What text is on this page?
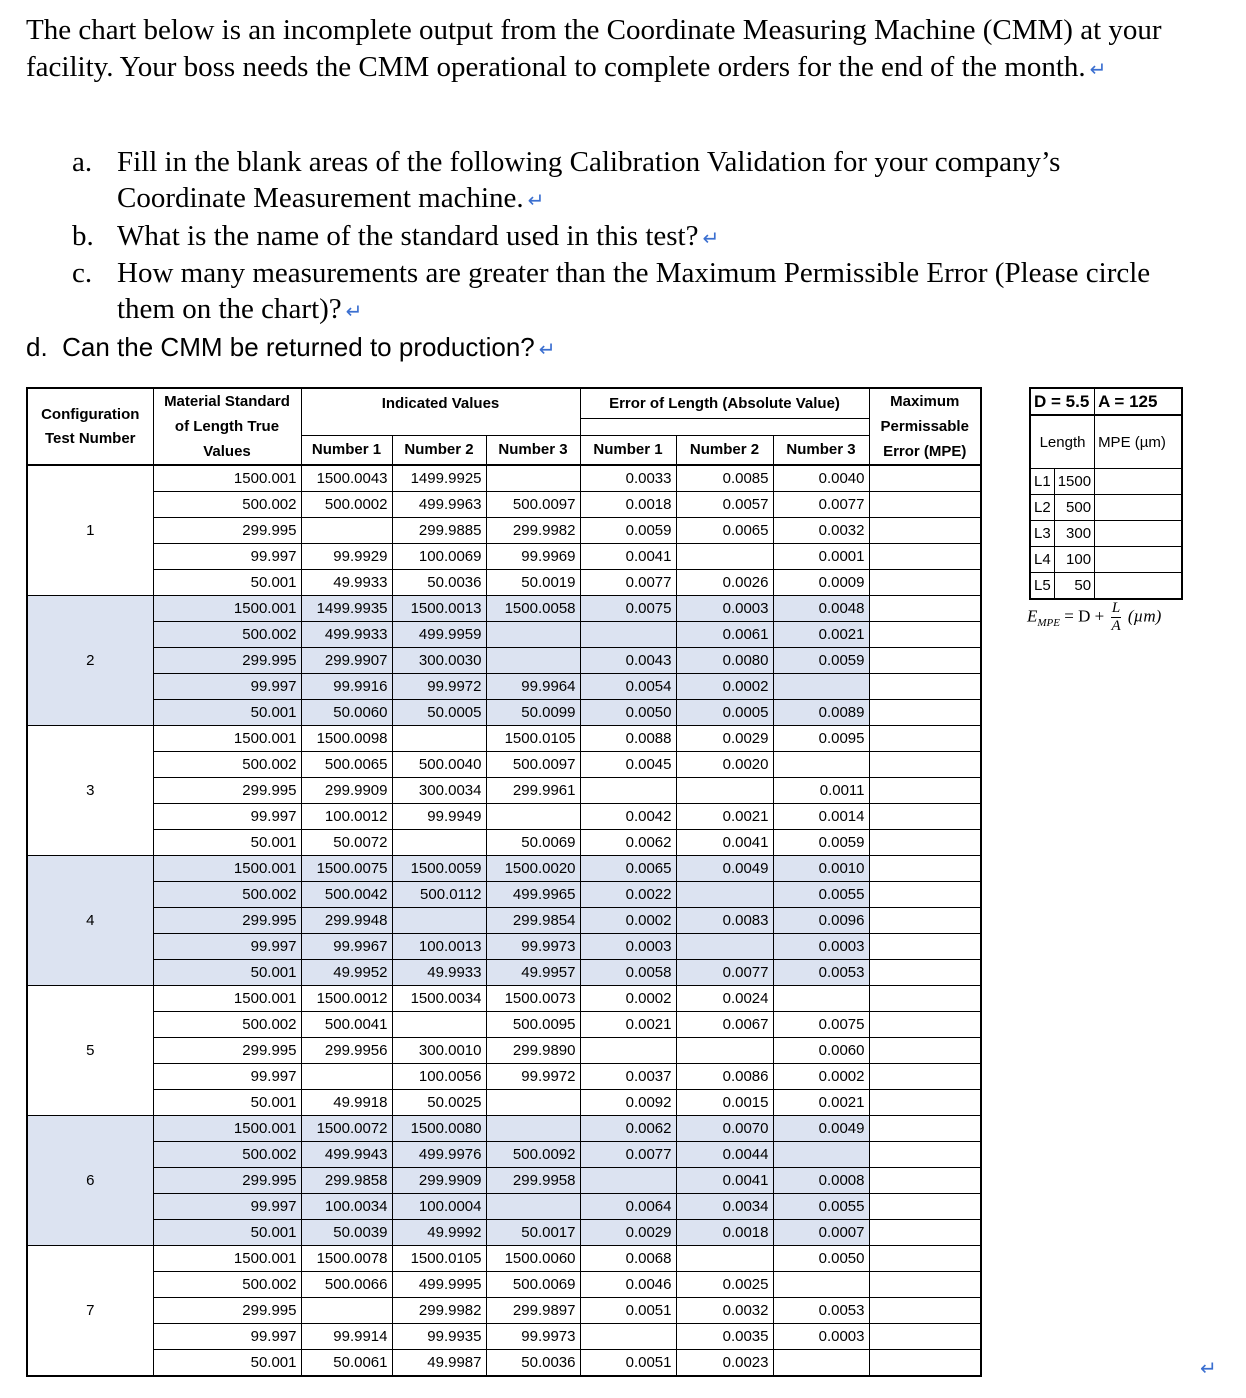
The chart below is an incomplete output from the Coordinate Measuring Machine (CMM) at your facility. Your boss needs the CMM operational to complete orders for the end of the month. ↵
a. Fill in the blank areas of the following Calibration Validation for your company’s
Coordinate Measurement machine. ↵
b. What is the name of the standard used in this test? ↵
c. How many measurements are greater than the Maximum Permissible Error (Please circle
them on the chart)? ↵
d. Can the CMM be returned to production? ↵
Configuration Test Number	Material Standard of Length True Values	Indicated Values			Error of Length (Absolute Value)			Maximum Permissable Error (MPE)

		Number 1	Number 2	Number 3	Number 1	Number 2	Number 3	
1	1500.001	1500.0043	1499.9925		0.0033	0.0085	0.0040	
	500.002	500.0002	499.9963	500.0097	0.0018	0.0057	0.0077	
	299.995		299.9885	299.9982	0.0059	0.0065	0.0032	
	99.997	99.9929	100.0069	99.9969	0.0041		0.0001	
	50.001	49.9933	50.0036	50.0019	0.0077	0.0026	0.0009	
2	1500.001	1499.9935	1500.0013	1500.0058	0.0075	0.0003	0.0048	
	500.002	499.9933	499.9959			0.0061	0.0021	
	299.995	299.9907	300.0030		0.0043	0.0080	0.0059	
	99.997	99.9916	99.9972	99.9964	0.0054	0.0002		
	50.001	50.0060	50.0005	50.0099	0.0050	0.0005	0.0089	
3	1500.001	1500.0098		1500.0105	0.0088	0.0029	0.0095	
	500.002	500.0065	500.0040	500.0097	0.0045	0.0020		
	299.995	299.9909	300.0034	299.9961			0.0011	
	99.997	100.0012	99.9949		0.0042	0.0021	0.0014	
	50.001	50.0072		50.0069	0.0062	0.0041	0.0059	
4	1500.001	1500.0075	1500.0059	1500.0020	0.0065	0.0049	0.0010	
	500.002	500.0042	500.0112	499.9965	0.0022		0.0055	
	299.995	299.9948		299.9854	0.0002	0.0083	0.0096	
	99.997	99.9967	100.0013	99.9973	0.0003		0.0003	
	50.001	49.9952	49.9933	49.9957	0.0058	0.0077	0.0053	
5	1500.001	1500.0012	1500.0034	1500.0073	0.0002	0.0024		
	500.002	500.0041		500.0095	0.0021	0.0067	0.0075	
	299.995	299.9956	300.0010	299.9890			0.0060	
	99.997		100.0056	99.9972	0.0037	0.0086	0.0002	
	50.001	49.9918	50.0025		0.0092	0.0015	0.0021	
6	1500.001	1500.0072	1500.0080		0.0062	0.0070	0.0049	
	500.002	499.9943	499.9976	500.0092	0.0077	0.0044		
	299.995	299.9858	299.9909	299.9958		0.0041	0.0008	
	99.997	100.0034	100.0004		0.0064	0.0034	0.0055	
	50.001	50.0039	49.9992	50.0017	0.0029	0.0018	0.0007	
7	1500.001	1500.0078	1500.0105	1500.0060	0.0068		0.0050	
	500.002	500.0066	499.9995	500.0069	0.0046	0.0025		
	299.995		299.9982	299.9897	0.0051	0.0032	0.0053	
	99.997	99.9914	99.9935	99.9973		0.0035	0.0003	
	50.001	50.0061	49.9987	50.0036	0.0051	0.0023		
D = 5.5		A = 125
Length		MPE (µm)
L1	1500	
L2	500	
L3	300	
L4	100	
L5	50	
$E_{MPE} = D + \frac{L}{A} (\mu m)$
↵
